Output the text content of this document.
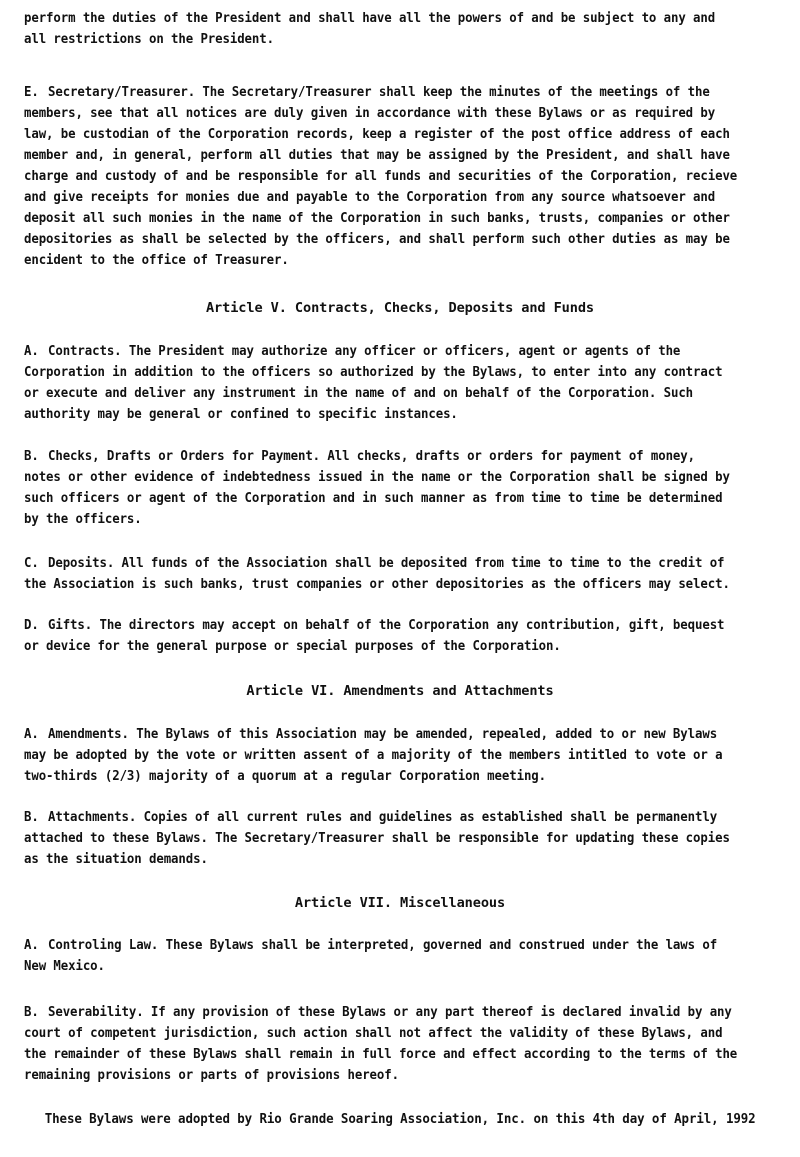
perform the duties of the President and shall have all the powers of and be subject to any and all restrictions on the President.

E. Secretary/Treasurer. The Secretary/Treasurer shall keep the minutes of the meetings of the members, see that all notices are duly given in accordance with these Bylaws or as required by law, be custodian of the Corporation records, keep a register of the post office address of each member and, in general, perform all duties that may be assigned by the President, and shall have charge and custody of and be responsible for all funds and securities of the Corporation, recieve and give receipts for monies due and payable to the Corporation from any source whatsoever and deposit all such monies in the name of the Corporation in such banks, trusts, companies or other depositories as shall be selected by the officers, and shall perform such other duties as may be encident to the office of Treasurer.

Article V. Contracts, Checks, Deposits and Funds

A. Contracts. The President may authorize any officer or officers, agent or agents of the Corporation in addition to the officers so authorized by the Bylaws, to enter into any contract or execute and deliver any instrument in the name of and on behalf of the Corporation. Such authority may be general or confined to specific instances.

B. Checks, Drafts or Orders for Payment. All checks, drafts or orders for payment of money, notes or other evidence of indebtedness issued in the name or the Corporation shall be signed by such officers or agent of the Corporation and in such manner as from time to time be determined by the officers.

C. Deposits. All funds of the Association shall be deposited from time to time to the credit of the Association is such banks, trust companies or other depositories as the officers may select.

D. Gifts. The directors may accept on behalf of the Corporation any contribution, gift, bequest or device for the general purpose or special purposes of the Corporation.

Article VI. Amendments and Attachments

A. Amendments. The Bylaws of this Association may be amended, repealed, added to or new Bylaws may be adopted by the vote or written assent of a majority of the members intitled to vote or a two-thirds (2/3) majority of a quorum at a regular Corporation meeting.

B. Attachments. Copies of all current rules and guidelines as established shall be permanently attached to these Bylaws. The Secretary/Treasurer shall be responsible for updating these copies as the situation demands.

Article VII. Miscellaneous

A. Controling Law. These Bylaws shall be interpreted, governed and construed under the laws of New Mexico.

B. Severability. If any provision of these Bylaws or any part thereof is declared invalid by any court of competent jurisdiction, such action shall not affect the validity of these Bylaws, and the remainder of these Bylaws shall remain in full force and effect according to the terms of the remaining provisions or parts of provisions hereof.

These Bylaws were adopted by Rio Grande Soaring Association, Inc. on this 4th day of April, 1992
